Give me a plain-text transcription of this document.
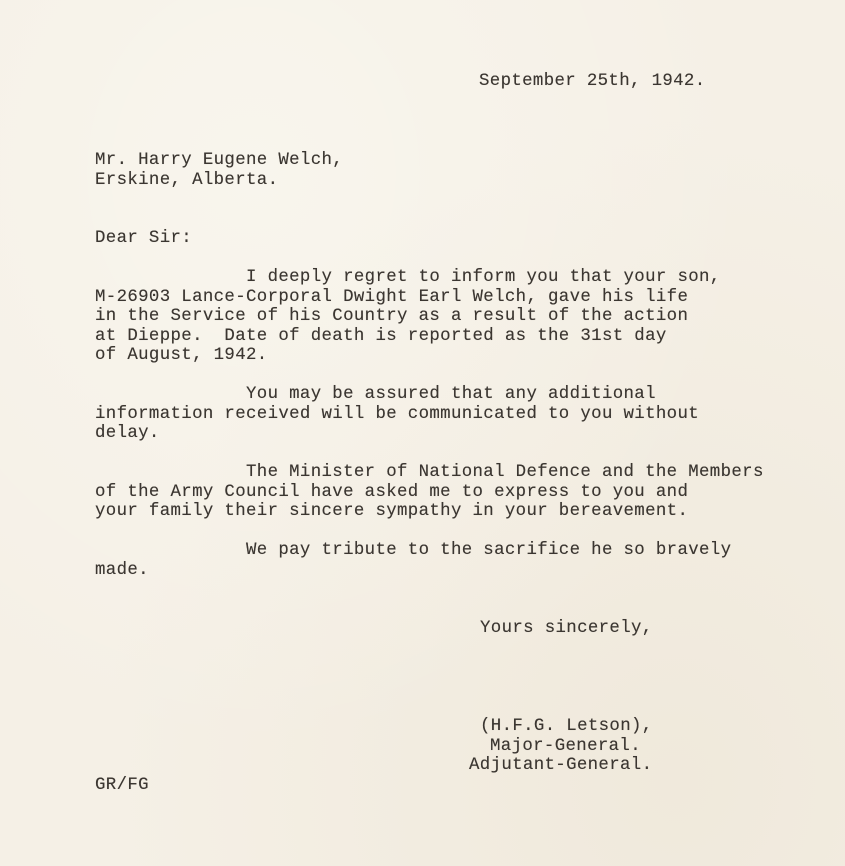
September 25th, 1942.
Mr. Harry Eugene Welch,
Erskine, Alberta.
Dear Sir:
I deeply regret to inform you that your son,
M-26903 Lance-Corporal Dwight Earl Welch, gave his life
in the Service of his Country as a result of the action
at Dieppe.  Date of death is reported as the 31st day
of August, 1942.
You may be assured that any additional
information received will be communicated to you without
delay.
The Minister of National Defence and the Members
of the Army Council have asked me to express to you and
your family their sincere sympathy in your bereavement.
We pay tribute to the sacrifice he so bravely
made.
Yours sincerely,
(H.F.G. Letson),
Major-General.
Adjutant-General.
GR/FG
